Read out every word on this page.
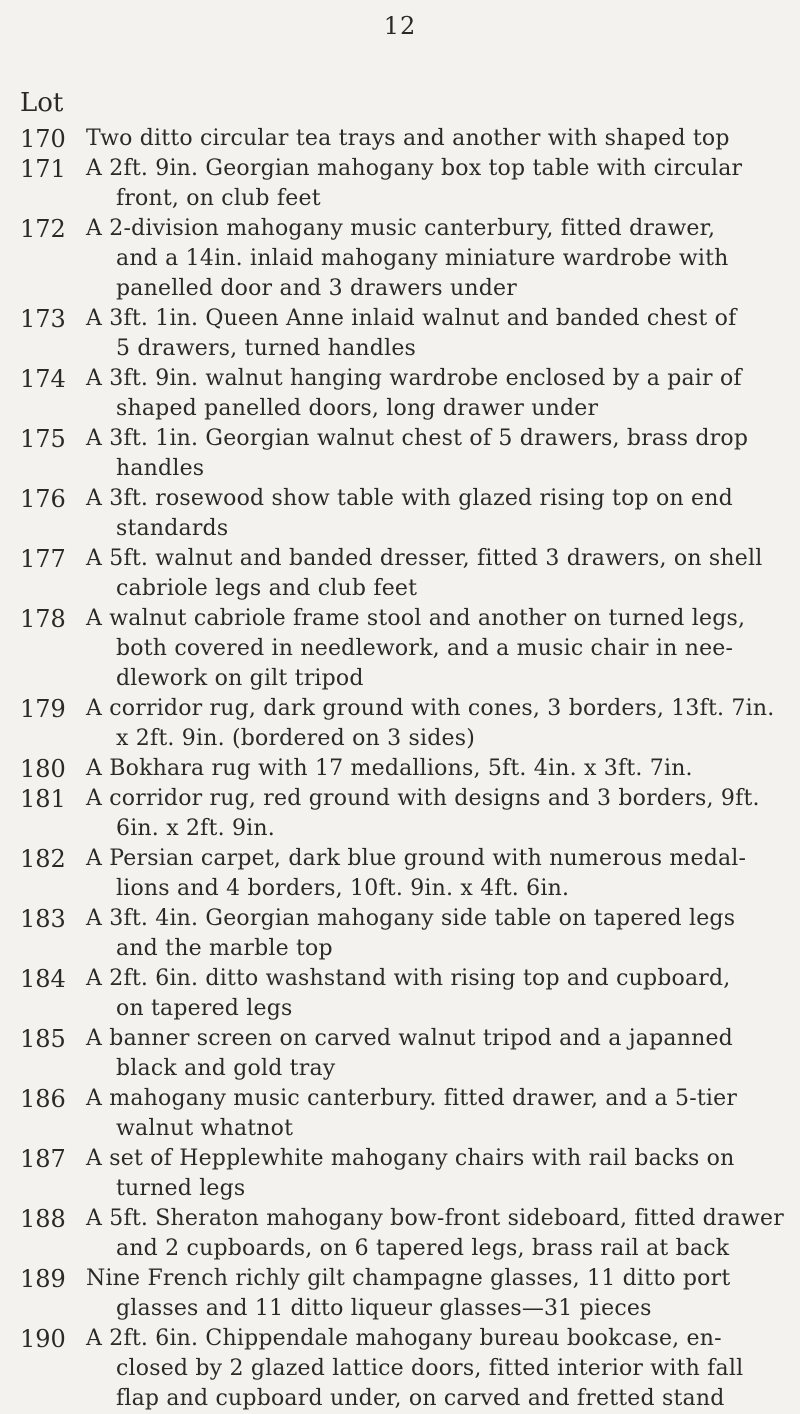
12
Lot
170 Two ditto circular tea trays and another with shaped top
171 A 2ft. 9in. Georgian mahogany box top table with circular
front, on club feet
172 A 2-division mahogany music canterbury, fitted drawer,
and a 14in. inlaid mahogany miniature wardrobe with
panelled door and 3 drawers under
173 A 3ft. 1in. Queen Anne inlaid walnut and banded chest of
5 drawers, turned handles
174 A 3ft. 9in. walnut hanging wardrobe enclosed by a pair of
shaped panelled doors, long drawer under
175 A 3ft. 1in. Georgian walnut chest of 5 drawers, brass drop
handles
176 A 3ft. rosewood show table with glazed rising top on end
standards
177 A 5ft. walnut and banded dresser, fitted 3 drawers, on shell
cabriole legs and club feet
178 A walnut cabriole frame stool and another on turned legs,
both covered in needlework, and a music chair in nee-
dlework on gilt tripod
179 A corridor rug, dark ground with cones, 3 borders, 13ft. 7in.
x 2ft. 9in. (bordered on 3 sides)
180 A Bokhara rug with 17 medallions, 5ft. 4in. x 3ft. 7in.
181 A corridor rug, red ground with designs and 3 borders, 9ft.
6in. x 2ft. 9in.
182 A Persian carpet, dark blue ground with numerous medal-
lions and 4 borders, 10ft. 9in. x 4ft. 6in.
183 A 3ft. 4in. Georgian mahogany side table on tapered legs
and the marble top
184 A 2ft. 6in. ditto washstand with rising top and cupboard,
on tapered legs
185 A banner screen on carved walnut tripod and a japanned
black and gold tray
186 A mahogany music canterbury. fitted drawer, and a 5-tier
walnut whatnot
187 A set of Hepplewhite mahogany chairs with rail backs on
turned legs
188 A 5ft. Sheraton mahogany bow-front sideboard, fitted drawer
and 2 cupboards, on 6 tapered legs, brass rail at back
189 Nine French richly gilt champagne glasses, 11 ditto port
glasses and 11 ditto liqueur glasses—31 pieces
190 A 2ft. 6in. Chippendale mahogany bureau bookcase, en-
closed by 2 glazed lattice doors, fitted interior with fall
flap and cupboard under, on carved and fretted stand
